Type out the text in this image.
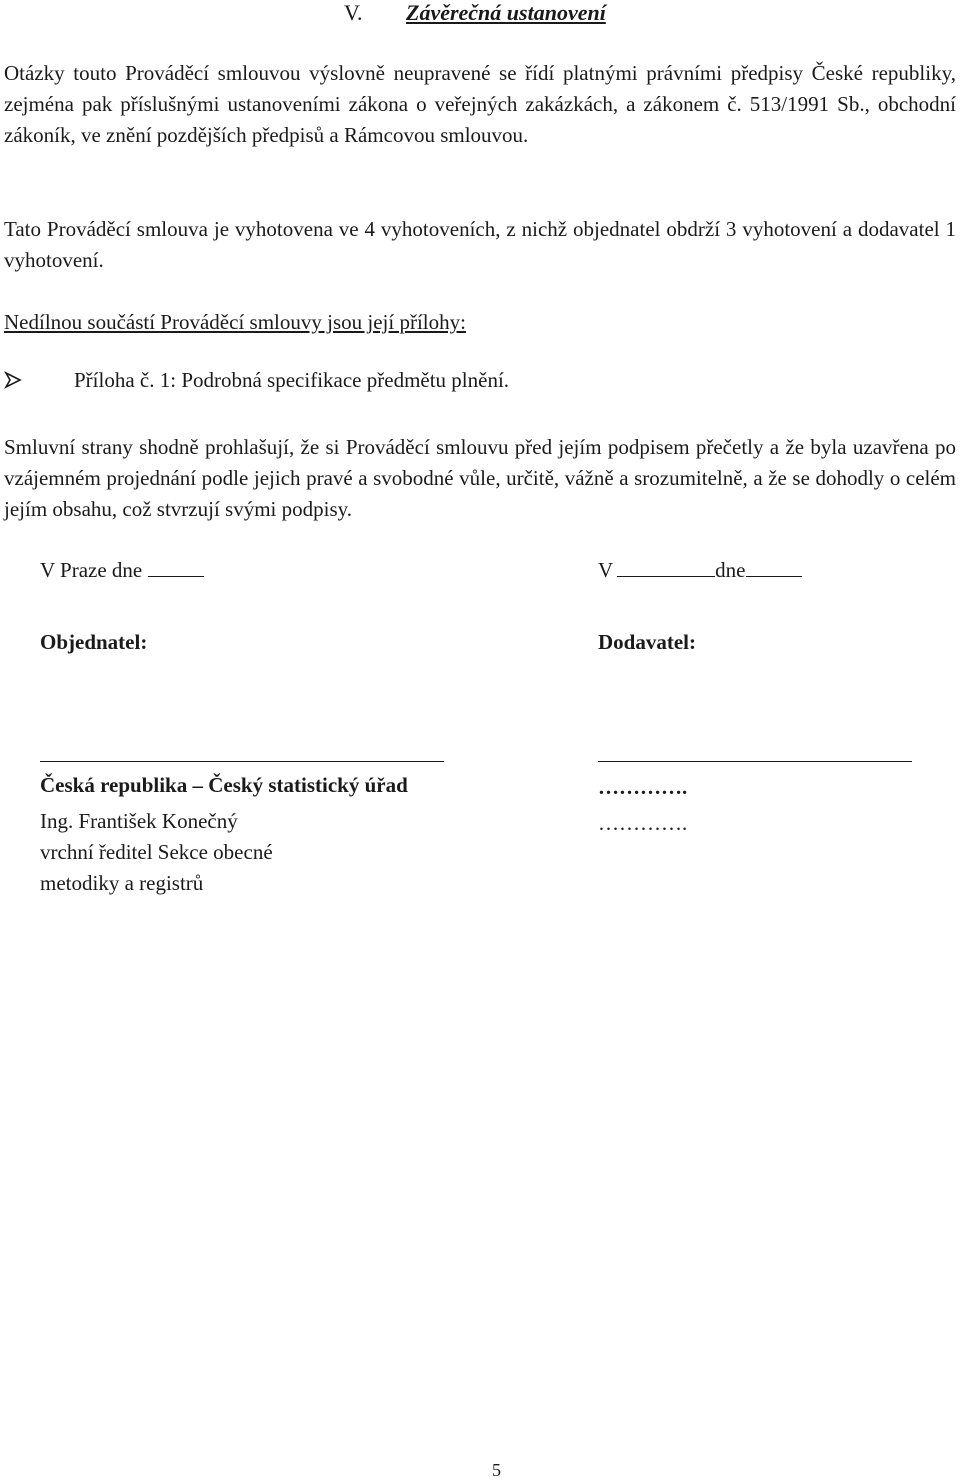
V. Závěrečná ustanovení
Otázky touto Prováděcí smlouvou výslovně neupravené se řídí platnými právními předpisy České republiky, zejména pak příslušnými ustanoveními zákona o veřejných zakázkách, a zákonem č. 513/1991 Sb., obchodní zákoník, ve znění pozdějších předpisů a Rámcovou smlouvou.
Tato Prováděcí smlouva je vyhotovena ve 4 vyhotoveních, z nichž objednatel obdrží 3 vyhotovení a dodavatel 1 vyhotovení.
Nedílnou součástí Prováděcí smlouvy jsou její přílohy:
Příloha č. 1: Podrobná specifikace předmětu plnění.
Smluvní strany shodně prohlašují, že si Prováděcí smlouvu před jejím podpisem přečetly a že byla uzavřena po vzájemném projednání podle jejich pravé a svobodné vůle, určitě, vážně a srozumitelně, a že se dohodly o celém jejím obsahu, což stvrzují svými podpisy.
V Praze dne
Objednatel:
Česká republika – Český statistický úřad
Ing. František Konečný
vrchní ředitel Sekce obecné
metodiky a registrů
V	dne
Dodavatel:
………….
………….
5
